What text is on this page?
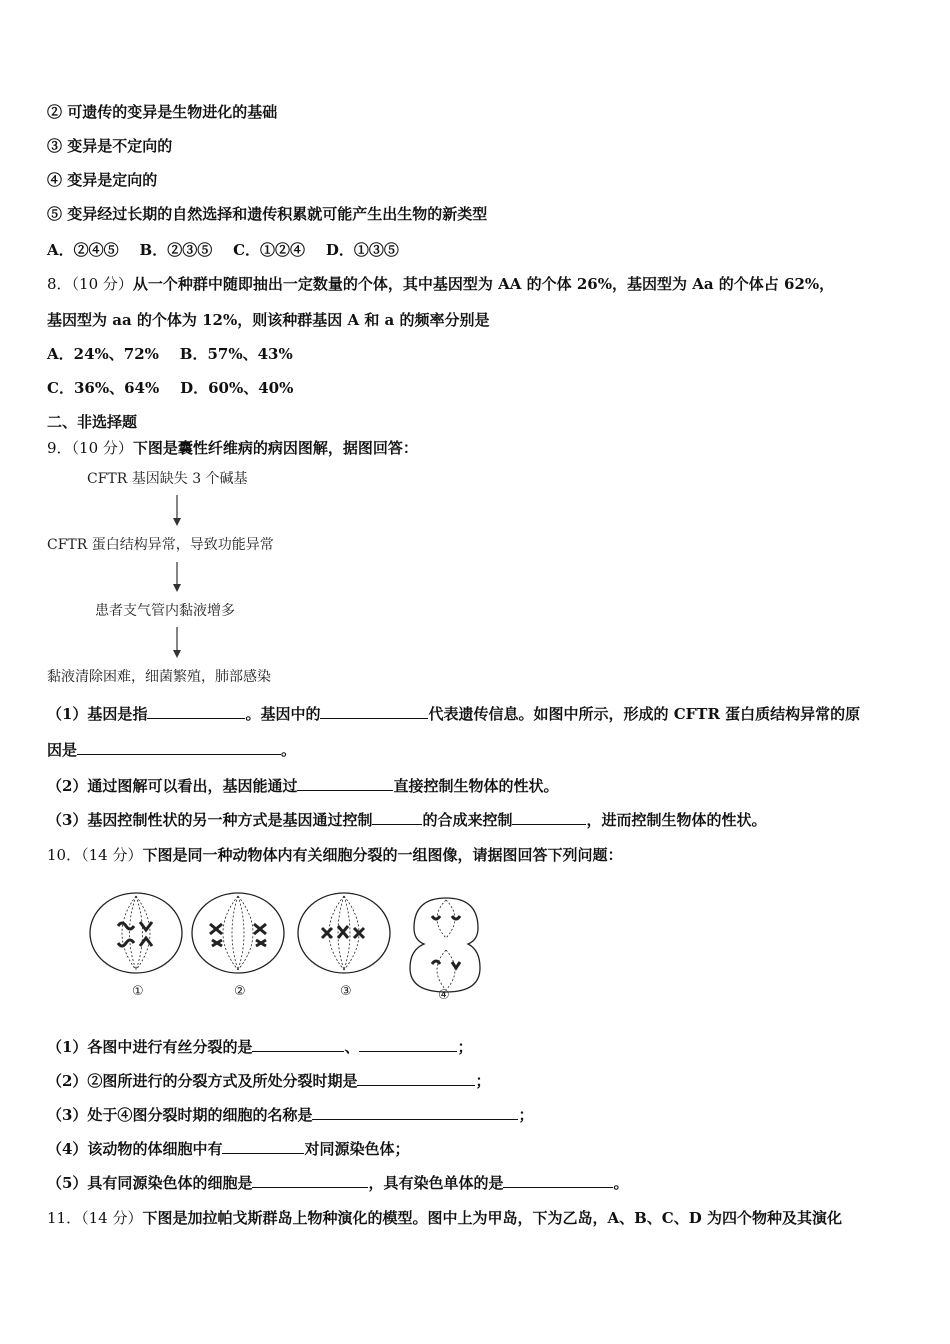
② 可遗传的变异是生物进化的基础
③ 变异是不定向的
④ 变异是定向的
⑤ 变异经过长期的自然选择和遗传积累就可能产生出生物的新类型
A．②④⑤    B．②③⑤    C．①②④    D．①③⑤
8．（10 分）从一个种群中随即抽出一定数量的个体，其中基因型为 AA 的个体 26%，基因型为 Aa 的个体占 62%，
基因型为 aa 的个体为 12%，则该种群基因 A 和 a 的频率分别是
A．24%、72%    B．57%、43%
C．36%、64%    D．60%、40%
二、非选择题
9．（10 分）下图是囊性纤维病的病因图解，据图回答：
CFTR 基因缺失 3 个碱基
CFTR 蛋白结构异常，导致功能异常
患者支气管内黏液增多
黏液清除困难，细菌繁殖，肺部感染
（1）基因是指	。基因中的	代表遗传信息。如图中所示，形成的 CFTR 蛋白质结构异常的原
因是	。
（2）通过图解可以看出，基因能通过	直接控制生物体的性状。
（3）基因控制性状的另一种方式是基因通过控制	的合成来控制	，进而控制生物体的性状。
10．（14 分）下图是同一种动物体内有关细胞分裂的一组图像，请据图回答下列问题：
①	②	③	④
（1）各图中进行有丝分裂的是	、	；
（2）②图所进行的分裂方式及所处分裂时期是	；
（3）处于④图分裂时期的细胞的名称是	；
（4）该动物的体细胞中有	对同源染色体；
（5）具有同源染色体的细胞是	，具有染色单体的是	。
11．（14 分）下图是加拉帕戈斯群岛上物种演化的模型。图中上为甲岛，下为乙岛，A、B、C、D 为四个物种及其演化
